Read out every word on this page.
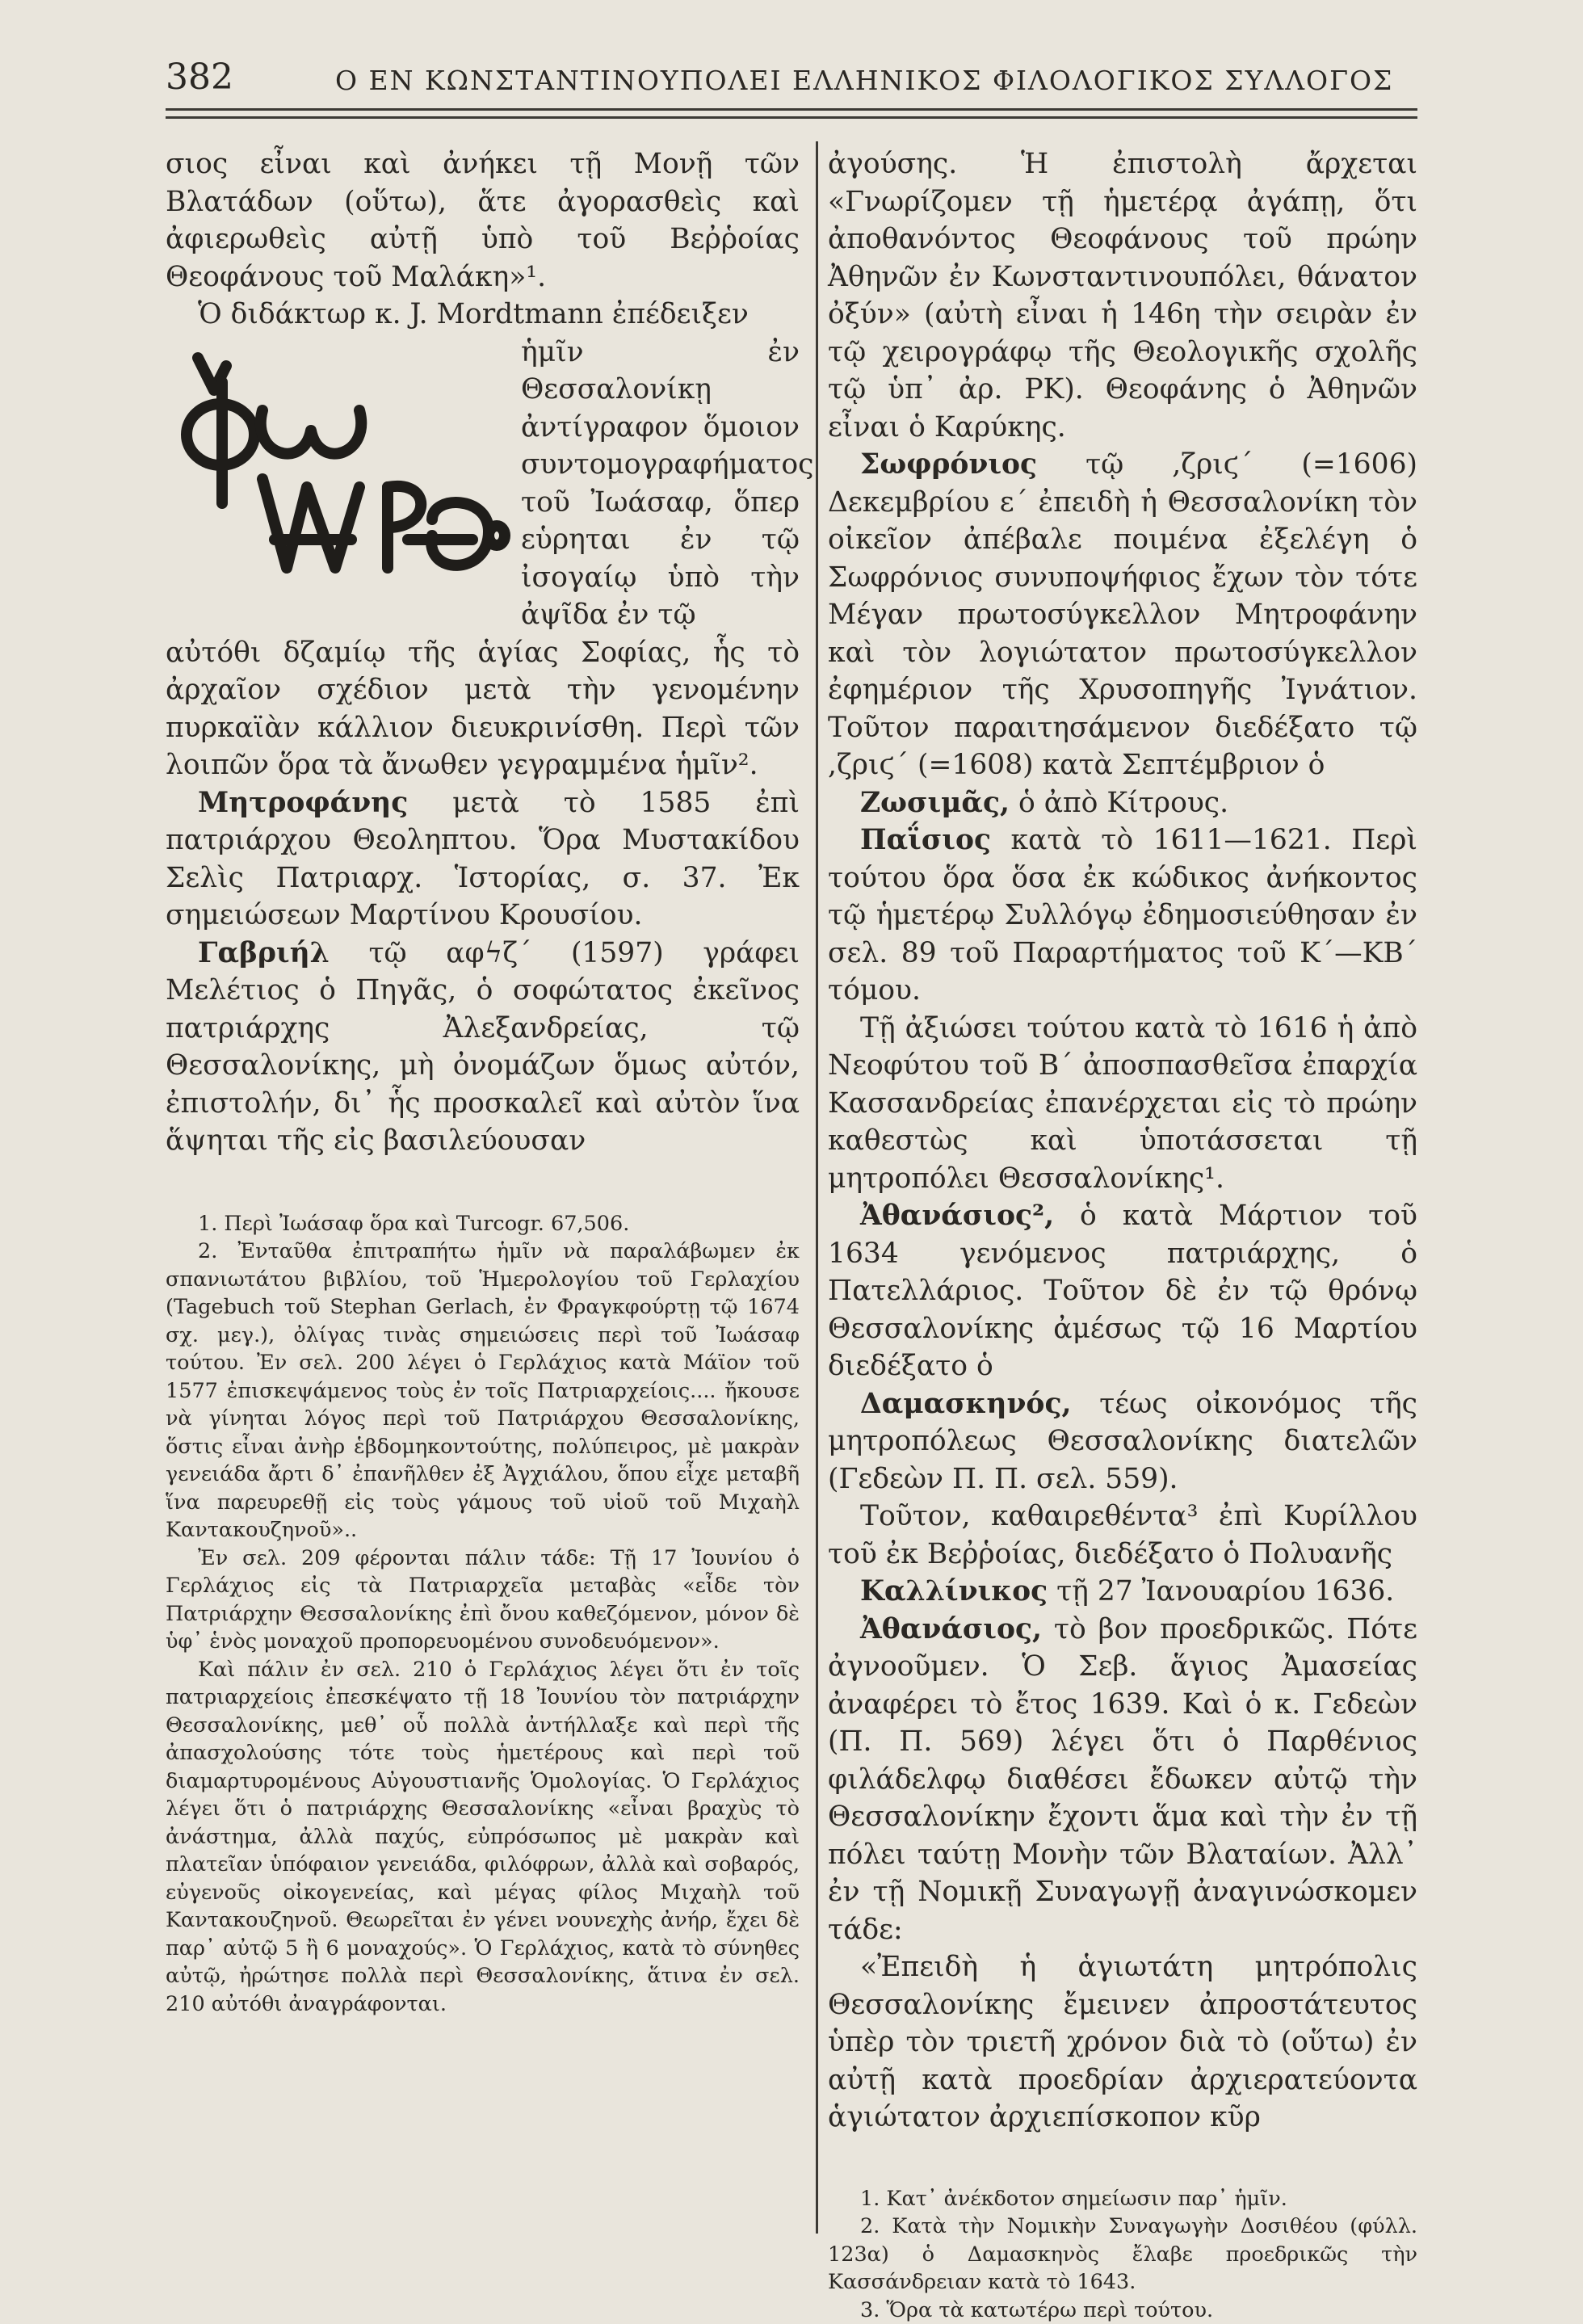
382	Ο ΕΝ ΚΩΝΣΤΑΝΤΙΝΟΥΠΟΛΕΙ ΕΛΛΗΝΙΚΟΣ ΦΙΛΟΛΟΓΙΚΟΣ ΣΥΛΛΟΓΟΣ

σιος εἶναι καὶ ἀνήκει τῇ Μονῇ τῶν Βλατάδων (οὕτω), ἅτε ἀγορασθεὶς καὶ ἀφιερωθεὶς αὐτῇ ὑπὸ τοῦ Βεῤῥοίας Θεοφάνους τοῦ Μαλάκη»¹.

Ὁ διδάκτωρ κ. J. Mordtmann ἐπέδειξεν

ἡμῖν ἐν Θεσσαλονίκῃ ἀντίγραφον ὅμοιον συντομογραφήματος τοῦ Ἰωάσαφ, ὅπερ εὑρηται ἐν τῷ ἰσογαίῳ ὑπὸ τὴν ἀψῖδα ἐν τῷ

αὐτόθι δζαμίῳ τῆς ἁγίας Σοφίας, ἧς τὸ ἀρχαῖον σχέδιον μετὰ τὴν γενομένην πυρκαϊὰν κάλλιον διευκρινίσθη. Περὶ τῶν λοιπῶν ὅρα τὰ ἄνωθεν γεγραμμένα ἡμῖν².

Μητροφάνης μετὰ τὸ 1585 ἐπὶ πατριάρχου Θεοληπτου. Ὅρα Μυστακίδου Σελὶς Πατριαρχ. Ἱστορίας, σ. 37. Ἐκ σημειώσεων Μαρτίνου Κρουσίου.

Γαβριήλ τῷ αφϟζ΄ (1597) γράφει Μελέτιος ὁ Πηγᾶς, ὁ σοφώτατος ἐκεῖνος πατριάρχης Ἀλεξανδρείας, τῷ Θεσσαλονίκης, μὴ ὀνομάζων ὅμως αὐτόν, ἐπιστολήν, δι᾽ ἧς προσκαλεῖ καὶ αὐτὸν ἵνα ἅψηται τῆς εἰς βασιλεύουσαν

1. Περὶ Ἰωάσαφ ὅρα καὶ Turcogr. 67,506.

2. Ἐνταῦθα ἐπιτραπήτω ἡμῖν νὰ παραλάβωμεν ἐκ σπανιωτάτου βιβλίου, τοῦ Ἡμερολογίου τοῦ Γερλαχίου (Tagebuch τοῦ Stephan Gerlach, ἐν Φραγκφούρτῃ τῷ 1674 σχ. μεγ.), ὀλίγας τινὰς σημειώσεις περὶ τοῦ Ἰωάσαφ τούτου. Ἐν σελ. 200 λέγει ὁ Γερλάχιος κατὰ Μάϊον τοῦ 1577 ἐπισκεψάμενος τοὺς ἐν τοῖς Πατριαρχείοις.... ἤκουσε νὰ γίνηται λόγος περὶ τοῦ Πατριάρχου Θεσσαλονίκης, ὅστις εἶναι ἀνὴρ ἑβδομηκοντούτης, πολύπειρος, μὲ μακρὰν γενειάδα ἄρτι δ᾽ ἐπανῆλθεν ἐξ Ἀγχιάλου, ὅπου εἶχε μεταβῆ ἵνα παρευρεθῇ εἰς τοὺς γάμους τοῦ υἱοῦ τοῦ Μιχαὴλ Καντακουζηνοῦ»..

Ἐν σελ. 209 φέρονται πάλιν τάδε: Τῇ 17 Ἰουνίου ὁ Γερλάχιος εἰς τὰ Πατριαρχεῖα μεταβὰς «εἶδε τὸν Πατριάρχην Θεσσαλονίκης ἐπὶ ὄνου καθεζόμενον, μόνον δὲ ὑφ᾽ ἑνὸς μοναχοῦ προπορευομένου συνοδευόμενον».

Καὶ πάλιν ἐν σελ. 210 ὁ Γερλάχιος λέγει ὅτι ἐν τοῖς πατριαρχείοις ἐπεσκέψατο τῇ 18 Ἰουνίου τὸν πατριάρχην Θεσσαλονίκης, μεθ᾽ οὗ πολλὰ ἀντήλλαξε καὶ περὶ τῆς ἀπασχολούσης τότε τοὺς ἡμετέρους καὶ περὶ τοῦ διαμαρτυρομένους Αὐγουστιανῆς Ὁμολογίας. Ὁ Γερλάχιος λέγει ὅτι ὁ πατριάρχης Θεσσαλονίκης «εἶναι βραχὺς τὸ ἀνάστημα, ἀλλὰ παχύς, εὐπρόσωπος μὲ μακρὰν καὶ πλατεῖαν ὑπόφαιον γενειάδα, φιλόφρων, ἀλλὰ καὶ σοβαρός, εὐγενοῦς οἰκογενείας, καὶ μέγας φίλος Μιχαὴλ τοῦ Καντακουζηνοῦ. Θεωρεῖται ἐν γένει νουνεχὴς ἀνήρ, ἔχει δὲ παρ᾽ αὐτῷ 5 ἢ 6 μοναχούς». Ὁ Γερλάχιος, κατὰ τὸ σύνηθες αὐτῷ, ἠρώτησε πολλὰ περὶ Θεσσαλονίκης, ἅτινα ἐν σελ. 210 αὐτόθι ἀναγράφονται.

ἀγούσης. Ἡ ἐπιστολὴ ἄρχεται «Γνωρίζομεν τῇ ἡμετέρᾳ ἀγάπῃ, ὅτι ἀποθανόντος Θεοφάνους τοῦ πρώην Ἀθηνῶν ἐν Κωνσταντινουπόλει, θάνατον ὀξύν» (αὐτὴ εἶναι ἡ 146η τὴν σειρὰν ἐν τῷ χειρογράφῳ τῆς Θεολογικῆς σχολῆς τῷ ὑπ᾽ ἀρ. ΡΚ). Θεοφάνης ὁ Ἀθηνῶν εἶναι ὁ Καρύκης.

Σωφρόνιος τῷ ,ζριϛ΄ (=1606) Δεκεμβρίου ε΄ ἐπειδὴ ἡ Θεσσαλονίκη τὸν οἰκεῖον ἀπέβαλε ποιμένα ἐξελέγη ὁ Σωφρόνιος συνυποψήφιος ἔχων τὸν τότε Μέγαν πρωτοσύγκελλον Μητροφάνην καὶ τὸν λογιώτατον πρωτοσύγκελλον ἐφημέριον τῆς Χρυσοπηγῆς Ἰγνάτιον. Τοῦτον παραιτησάμενον διεδέξατο τῷ ,ζριϛ΄ (=1608) κατὰ Σεπτέμβριον ὁ

Ζωσιμᾶς, ὁ ἀπὸ Κίτρους.

Παΐσιος κατὰ τὸ 1611—1621. Περὶ τούτου ὅρα ὅσα ἐκ κώδικος ἀνήκοντος τῷ ἡμετέρῳ Συλλόγῳ ἐδημοσιεύθησαν ἐν σελ. 89 τοῦ Παραρτήματος τοῦ Κ΄—ΚΒ΄ τόμου.

Τῇ ἀξιώσει τούτου κατὰ τὸ 1616 ἡ ἀπὸ Νεοφύτου τοῦ Β΄ ἀποσπασθεῖσα ἐπαρχία Κασσανδρείας ἐπανέρχεται εἰς τὸ πρώην καθεστὼς καὶ ὑποτάσσεται τῇ μητροπόλει Θεσσαλονίκης¹.

Ἀθανάσιος², ὁ κατὰ Μάρτιον τοῦ 1634 γενόμενος πατριάρχης, ὁ Πατελλάριος. Τοῦτον δὲ ἐν τῷ θρόνῳ Θεσσαλονίκης ἀμέσως τῷ 16 Μαρτίου διεδέξατο ὁ

Δαμασκηνός, τέως οἰκονόμος τῆς μητροπόλεως Θεσσαλονίκης διατελῶν (Γεδεὼν Π. Π. σελ. 559).

Τοῦτον, καθαιρεθέντα³ ἐπὶ Κυρίλλου τοῦ ἐκ Βεῤῥοίας, διεδέξατο ὁ Πολυανῆς

Καλλίνικος τῇ 27 Ἰανουαρίου 1636.

Ἀθανάσιος, τὸ βον προεδρικῶς. Πότε ἀγνοοῦμεν. Ὁ Σεβ. ἅγιος Ἀμασείας ἀναφέρει τὸ ἔτος 1639. Καὶ ὁ κ. Γεδεὼν (Π. Π. 569) λέγει ὅτι ὁ Παρθένιος φιλάδελφῳ διαθέσει ἔδωκεν αὐτῷ τὴν Θεσσαλονίκην ἔχοντι ἅμα καὶ τὴν ἐν τῇ πόλει ταύτῃ Μονὴν τῶν Βλαταίων. Ἀλλ᾽ ἐν τῇ Νομικῇ Συναγωγῇ ἀναγινώσκομεν τάδε:

«Ἐπειδὴ ἡ ἁγιωτάτη μητρόπολις Θεσσαλονίκης ἔμεινεν ἀπροστάτευτος ὑπὲρ τὸν τριετῆ χρόνον διὰ τὸ (οὕτω) ἐν αὐτῇ κατὰ προεδρίαν ἀρχιερατεύοντα ἁγιώτατον ἀρχιεπίσκοπον κῦρ

1. Κατ᾽ ἀνέκδοτον σημείωσιν παρ᾽ ἡμῖν.

2. Κατὰ τὴν Νομικὴν Συναγωγὴν Δοσιθέου (φύλλ. 123α) ὁ Δαμασκηνὸς ἔλαβε προεδρικῶς τὴν Κασσάνδρειαν κατὰ τὸ 1643.

3. Ὅρα τὰ κατωτέρω περὶ τούτου.
